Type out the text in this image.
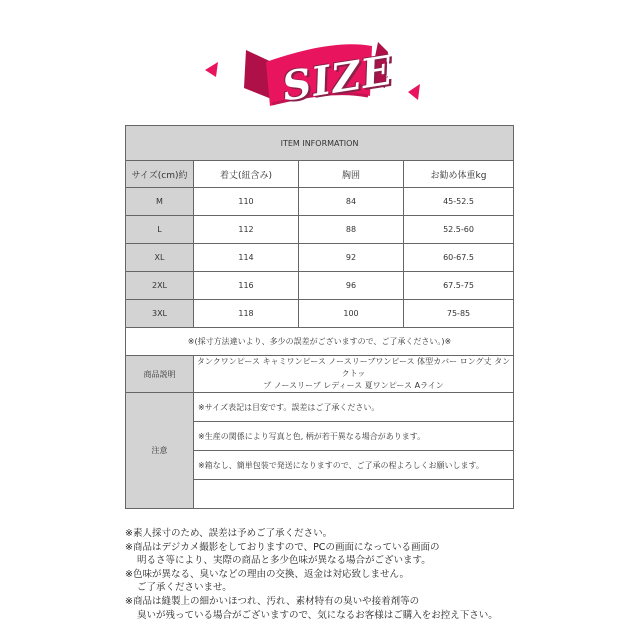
SIZE
ITEM INFORMATION			
サイズ(cm)約	着丈(紐含み)	胸囲	お勧め体重kg
M	110	84	45-52.5
L	112	88	52.5-60
XL	114	92	60-67.5
2XL	116	96	67.5-75
3XL	118	100	75-85
※(採寸方法違いより、多少の誤差がございますので、ご了承ください。)※			
商品説明	タンクワンピース キャミワンピース ノースリーブワンピース 体型カバー ロング丈 タンクトッ
プ ノースリーブ レディース 夏ワンピース Aライン		

注意	※サイズ表記は目安です。誤差はご了承ください。		
	※生産の関係により写真と色, 柄が若干異なる場合があります。		
	※箱なし、簡単包装で発送になりますので、ご了承の程よろしくお願いします。		

※素人採寸のため、誤差は予めご了承ください。
※商品はデジカメ撮影をしておりますので、PCの画面になっている画面の
明るさ等により、実際の商品と多少色味が異なる場合がございます。
※色味が異なる、臭いなどの理由の交換、返金は対応致しません。
ご了承くださいませ。
※商品は縫製上の細かいほつれ、汚れ、素材特有の臭いや接着剤等の
臭いが残っている場合がございますので、気になるお客様はご購入をお控え下さい。
